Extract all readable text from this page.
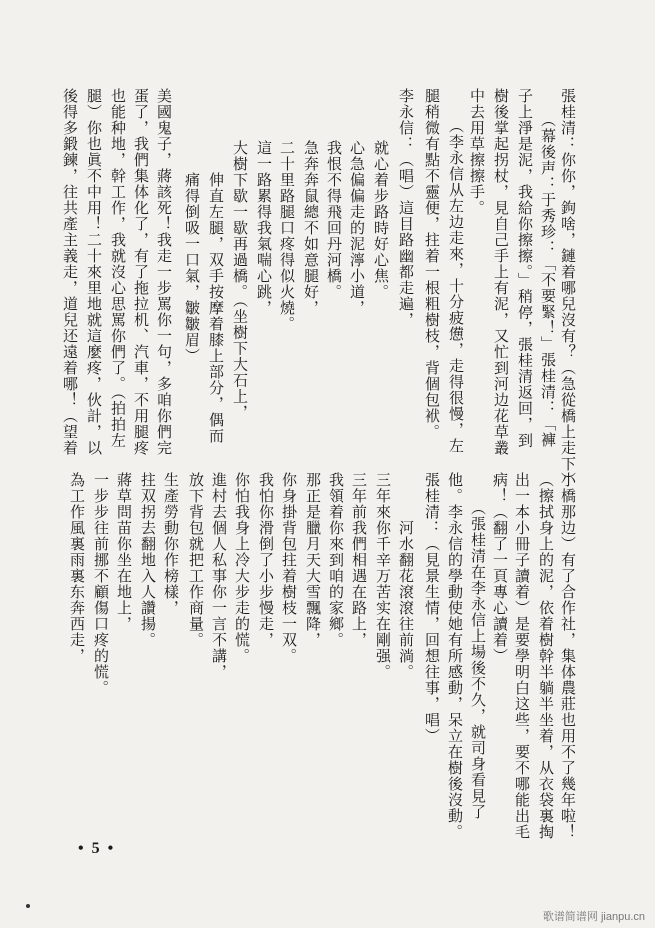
張桂清：你你，鉤啥，鏈着哪兒沒有？（急從橋上走下）
（幕後声：于秀珍：「不要緊！」張桂清：「褲
子上淨是泥，我給你擦擦。」稍停，張桂清返回，到
樹後掌起拐杖，見自己手上有泥，又忙到河边花草叢
中去用草擦擦手。
（李永信从左边走來，十分疲憊，走得很慢，左
腿稍微有點不靈便，拄着一根粗樹枝，背個包袱。
李永信：（唱）這目路幽都走遍，
就心着步路時好心焦。
心急偏偏走的泥濘小道，
我恨不得飛回丹河橋。
急奔奔鼠總不如意腿好，
二十里路腿口疼得似火燒。
這一路累得我氣喘心跳，
大樹下歇一歇再過橋。（坐樹下大石上，
伸直左腿，双手按摩着膝上部分，偶而
痛得倒吸一口氣，皺皺眉）
美國鬼子，蔣該死！我走一步罵你一句，多咱你們完
蛋了，我們集体化了，有了拖拉机、汽車，不用腿疼
也能种地，幹工作，我就沒心思罵你們了。（拍拍左
腿）你也眞不中用！二十來里地就這麼疼，伙計，以
後得多鍛鍊，往共產主義走，道兒还遠着哪！（望着
小橋那边）有了合作社，集体農莊也用不了幾年啦！
（擦拭身上的泥，依着樹幹半躺半坐着，从衣袋裏掏
出一本小冊子讀着）是要學明白这些，要不哪能出毛
病！（翻了一頁專心讀着）
（張桂清在李永信上場後不久，就司身看見了
他。李永信的學動使她有所感動，呆立在樹後沒動。
張桂清：（見景生情，回想往事，唱）
河水翻花滾滾往前淌。
三年來你千辛万苦实在剛强。
三年前我們相遇在路上，
我領着你來到咱的家鄉。
那正是臘月天大雪飄降，
你身掛背包拄着樹枝一双。
我怕你滑倒了小步慢走，
你怕我身上冷大步走的慌。
進村去個人私事你一言不講，
放下背包就把工作商量。
生產勞動你作榜樣，
拄双拐去翻地入人讚揚。
蔣草問苗你坐在地上，
一步步往前挪不顧傷口疼的慌。
為工作風裏雨裏东奔西走，
• 5 •
歌谱简谱网 jianpu.cn
